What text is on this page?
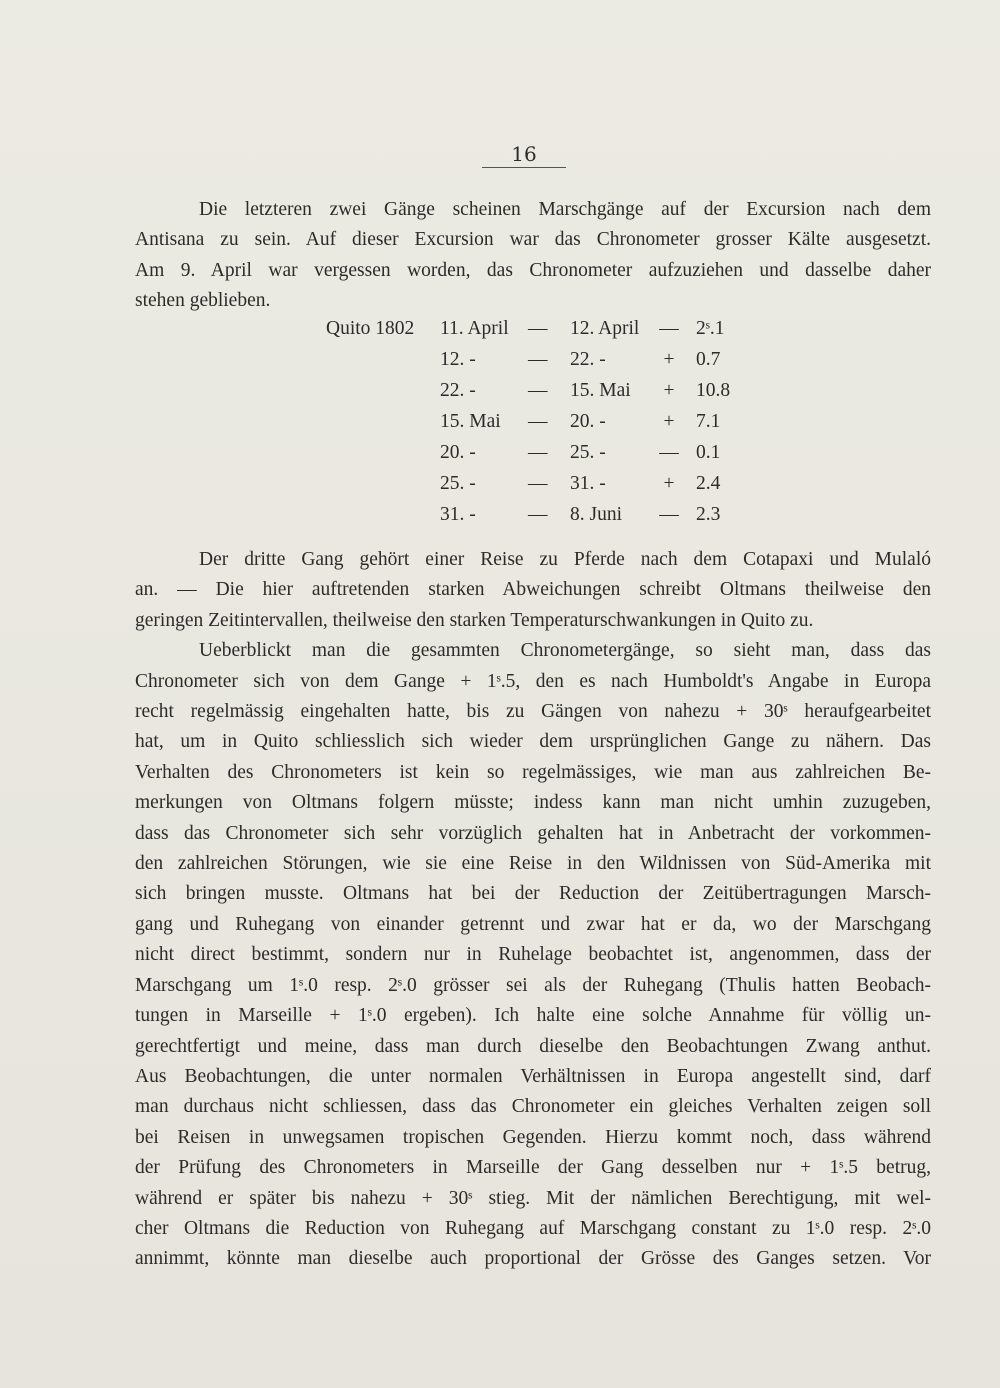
16
Die letzteren zwei Gänge scheinen Marschgänge auf der Excursion nach dem
Antisana zu sein. Auf dieser Excursion war das Chronometer grosser Kälte ausgesetzt.
Am 9. April war vergessen worden, das Chronometer aufzuziehen und dasselbe daher
stehen geblieben.
Quito 1802 11. April — 12. April — 2ˢ.1
12. -	— 22. -	+	0.7
22. -	— 15. Mai	+	10.8
15. Mai — 20. -	+	7.1
20. -	— 25. -	— 0.1
25. -	— 31. -	+	2.4
31. -	— 8. Juni — 2.3
Der dritte Gang gehört einer Reise zu Pferde nach dem Cotapaxi und Mulaló
an. — Die hier auftretenden starken Abweichungen schreibt Oltmans theilweise den
geringen Zeitintervallen, theilweise den starken Temperaturschwankungen in Quito zu.
Ueberblickt man die gesammten Chronometergänge, so sieht man, dass das
Chronometer sich von dem Gange + 1ˢ.5, den es nach Humboldt's Angabe in Europa
recht regelmässig eingehalten hatte, bis zu Gängen von nahezu + 30ˢ heraufgearbeitet
hat, um in Quito schliesslich sich wieder dem ursprünglichen Gange zu nähern. Das
Verhalten des Chronometers ist kein so regelmässiges, wie man aus zahlreichen Be-
merkungen von Oltmans folgern müsste; indess kann man nicht umhin zuzugeben,
dass das Chronometer sich sehr vorzüglich gehalten hat in Anbetracht der vorkommen-
den zahlreichen Störungen, wie sie eine Reise in den Wildnissen von Süd-Amerika mit
sich bringen musste. Oltmans hat bei der Reduction der Zeitübertragungen Marsch-
gang und Ruhegang von einander getrennt und zwar hat er da, wo der Marschgang
nicht direct bestimmt, sondern nur in Ruhelage beobachtet ist, angenommen, dass der
Marschgang um 1ˢ.0 resp. 2ˢ.0 grösser sei als der Ruhegang (Thulis hatten Beobach-
tungen in Marseille + 1ˢ.0 ergeben). Ich halte eine solche Annahme für völlig un-
gerechtfertigt und meine, dass man durch dieselbe den Beobachtungen Zwang anthut.
Aus Beobachtungen, die unter normalen Verhältnissen in Europa angestellt sind, darf
man durchaus nicht schliessen, dass das Chronometer ein gleiches Verhalten zeigen soll
bei Reisen in unwegsamen tropischen Gegenden. Hierzu kommt noch, dass während
der Prüfung des Chronometers in Marseille der Gang desselben nur + 1ˢ.5 betrug,
während er später bis nahezu + 30ˢ stieg. Mit der nämlichen Berechtigung, mit wel-
cher Oltmans die Reduction von Ruhegang auf Marschgang constant zu 1ˢ.0 resp. 2ˢ.0
annimmt, könnte man dieselbe auch proportional der Grösse des Ganges setzen. Vor
